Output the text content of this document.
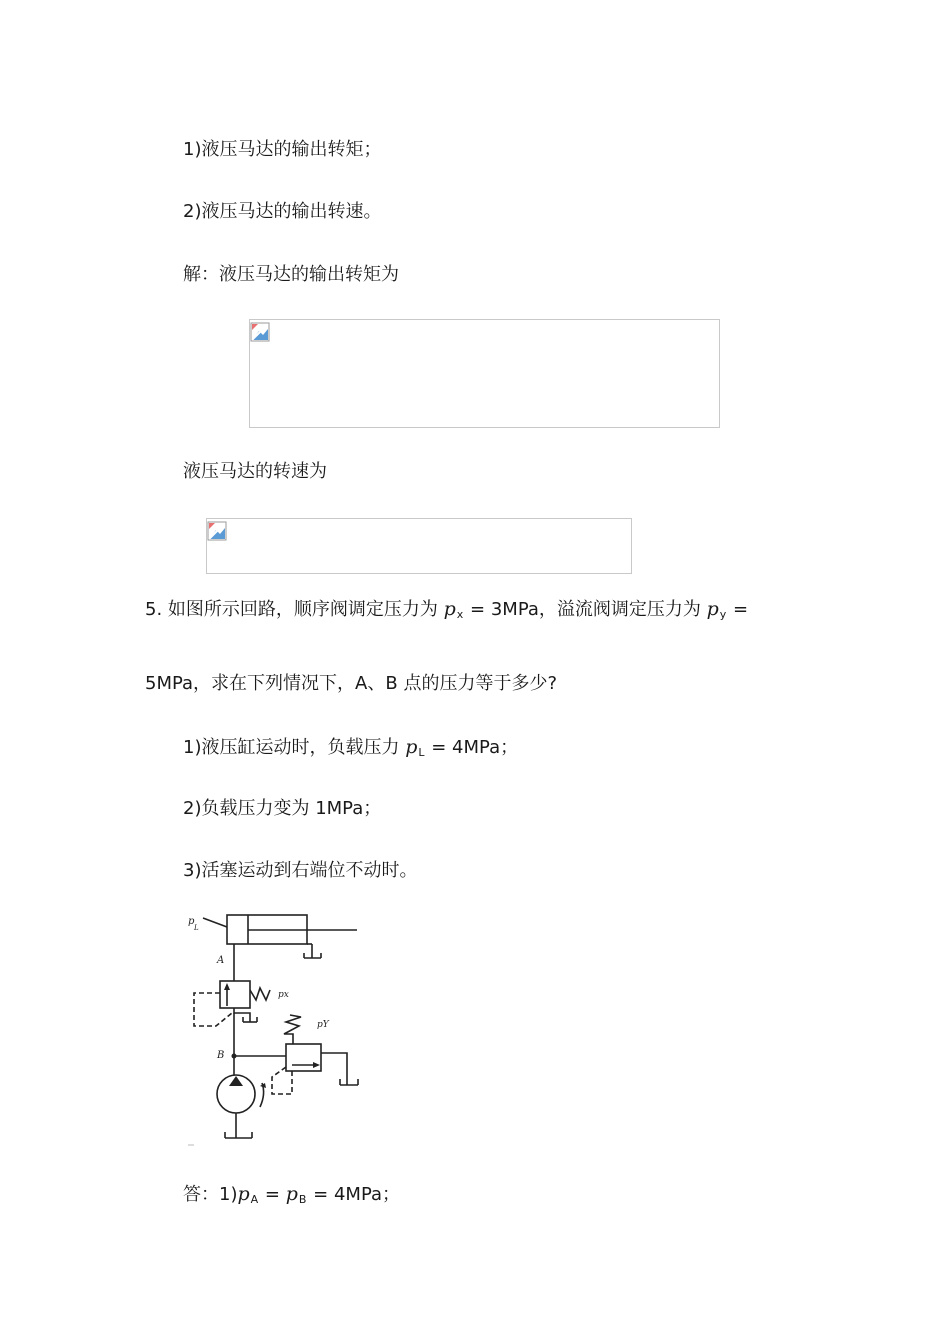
1)液压马达的输出转矩；
2)液压马达的输出转速。
解：液压马达的输出转矩为
液压马达的转速为
5. 如图所示回路，顺序阀调定压力为 px = 3MPa，溢流阀调定压力为 py =
5MPa，求在下列情况下，A、B 点的压力等于多少?
1)液压缸运动时，负载压力 pL = 4MPa；
2)负载压力变为 1MPa；
3)活塞运动到右端位不动时。
p
L
A
px
pY
B
答：1)pA = pB = 4MPa；
